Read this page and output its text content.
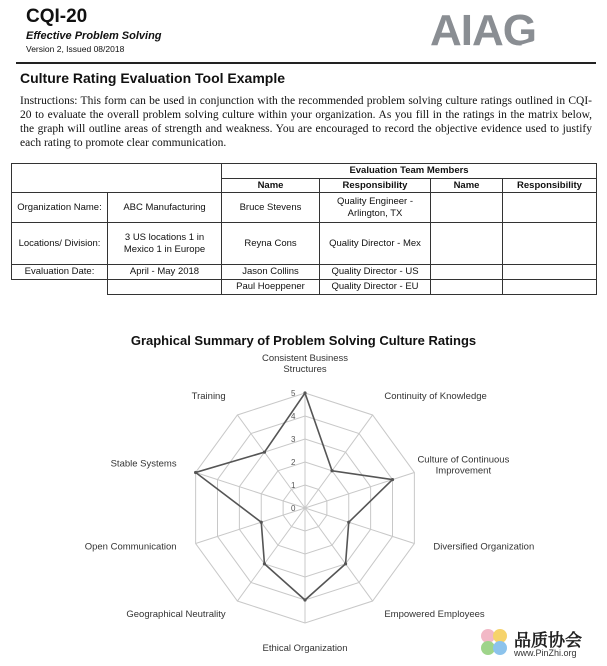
CQI-20
Effective Problem Solving
Version 2, Issued 08/2018	AIAG
Culture Rating Evaluation Tool Example
Instructions: This form can be used in conjunction with the recommended problem solving culture ratings outlined in CQI-20 to evaluate the overall problem solving culture within your organization. As you fill in the ratings in the matrix below, the graph will outline areas of strength and weakness. You are encouraged to record the objective evidence used to justify each rating to promote clear communication.
		Evaluation Team Members			
		Name	Responsibility	Name	Responsibility
Organization Name:	ABC Manufacturing	Bruce Stevens	Quality Engineer - Arlington, TX		
Locations/ Division:	3 US locations 1 in Mexico 1 in Europe	Reyna Cons	Quality Director - Mex		
Evaluation Date:	April - May 2018	Jason Collins	Quality Director - US		
		Paul Hoeppener	Quality Director - EU		
Graphical Summary of Problem Solving Culture Ratings
0
1
2
3
4
5
Consistent Business Structures
Continuity of Knowledge
Culture of Continuous Improvement
Diversified Organization
Empowered Employees
Ethical Organization
Geographical Neutrality
Open Communication
Stable Systems
Training
品质协会
www.PinZhi.org
